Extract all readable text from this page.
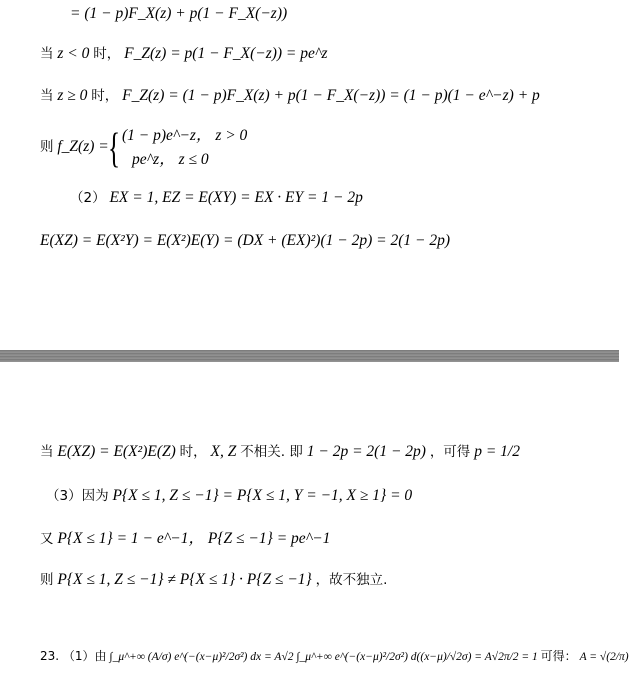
= (1 − p)F_X(z) + p(1 − F_X(−z))
当 z < 0 时， F_Z(z) = p(1 − F_X(−z)) = pe^z
当 z ≥ 0 时， F_Z(z) = (1 − p)F_X(z) + p(1 − F_X(−z)) = (1 − p)(1 − e^−z) + p
则 f_Z(z) = { (1 − p)e^−z， z > 0
pe^z， z ≤ 0
（2） EX = 1, EZ = E(XY) = EX · EY = 1 − 2p
E(XZ) = E(X²Y) = E(X²)E(Y) = (DX + (EX)²)(1 − 2p) = 2(1 − 2p)
当 E(XZ) = E(X²)E(Z) 时， X, Z 不相关. 即 1 − 2p = 2(1 − 2p) ，可得 p = 1/2
（3）因为 P{X ≤ 1, Z ≤ −1} = P{X ≤ 1, Y = −1, X ≥ 1} = 0
又 P{X ≤ 1} = 1 − e^−1， P{Z ≤ −1} = pe^−1
则 P{X ≤ 1, Z ≤ −1} ≠ P{X ≤ 1} · P{Z ≤ −1} ，故不独立.
23. （1）由 ∫_μ^+∞ (A/σ) e^(−(x−μ)²/2σ²) dx = A√2 ∫_μ^+∞ e^(−(x−μ)²/2σ²) d((x−μ)/√2σ) = A√2π/2 = 1 可得： A = √(2/π)
